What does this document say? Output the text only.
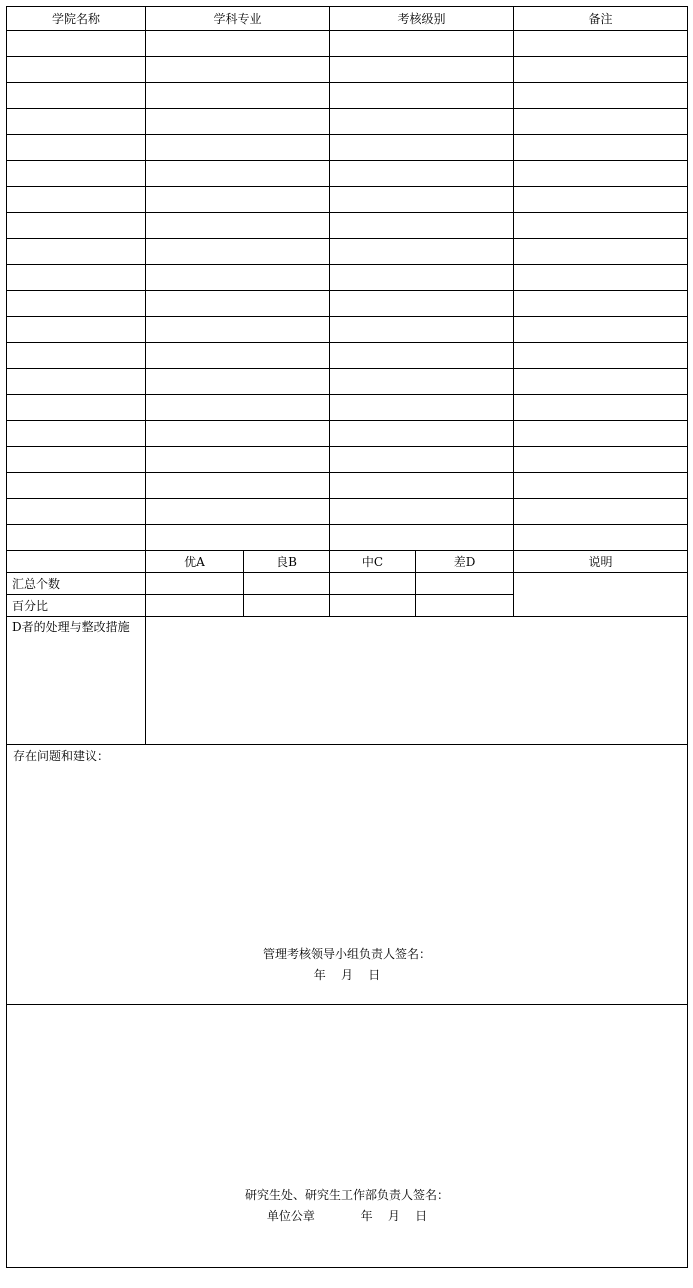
学院名称	学科专业		考核级别		备注

	优A	良B	中C	差D	说明
汇总个数					
百分比					
D者的处理与整改措施					

存在问题和建议：
管理考核领导小组负责人签名：
年    月    日					

研究生处、研究生工作部负责人签名：
单位公章            年    月    日					
